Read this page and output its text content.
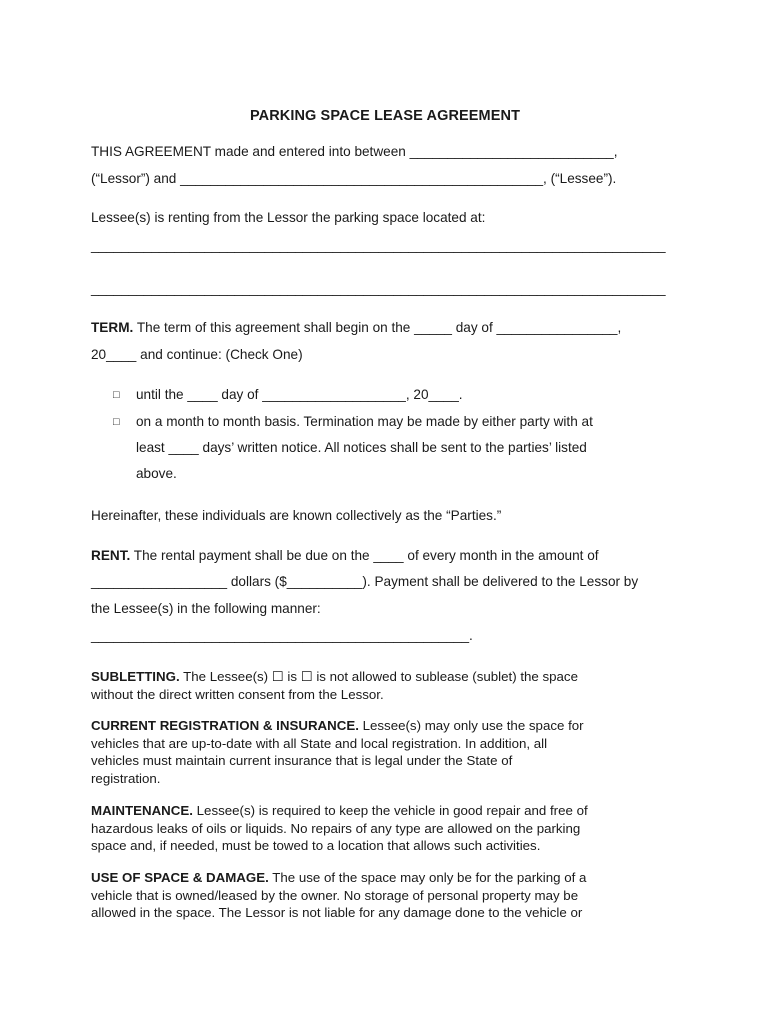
PARKING SPACE LEASE AGREEMENT
THIS AGREEMENT made and entered into between ___________________________,
(“Lessor”) and ________________________________________________, (“Lessee”).
Lessee(s) is renting from the Lessor the parking space located at:
____________________________________________________________________________
____________________________________________________________________________
TERM. The term of this agreement shall begin on the _____ day of ________________,
20____ and continue: (Check One)
□ until the ____ day of ___________________, 20____.
□ on a month to month basis. Termination may be made by either party with at
least ____ days’ written notice. All notices shall be sent to the parties’ listed
above.
Hereinafter, these individuals are known collectively as the “Parties.”
RENT. The rental payment shall be due on the ____ of every month in the amount of
__________________ dollars ($__________). Payment shall be delivered to the Lessor by
the Lessee(s) in the following manner:
__________________________________________________.
SUBLETTING. The Lessee(s) ☐ is ☐ is not allowed to sublease (sublet) the space
without the direct written consent from the Lessor.
CURRENT REGISTRATION & INSURANCE. Lessee(s) may only use the space for
vehicles that are up-to-date with all State and local registration. In addition, all
vehicles must maintain current insurance that is legal under the State of
registration.
MAINTENANCE. Lessee(s) is required to keep the vehicle in good repair and free of
hazardous leaks of oils or liquids. No repairs of any type are allowed on the parking
space and, if needed, must be towed to a location that allows such activities.
USE OF SPACE & DAMAGE. The use of the space may only be for the parking of a
vehicle that is owned/leased by the owner. No storage of personal property may be
allowed in the space. The Lessor is not liable for any damage done to the vehicle or
